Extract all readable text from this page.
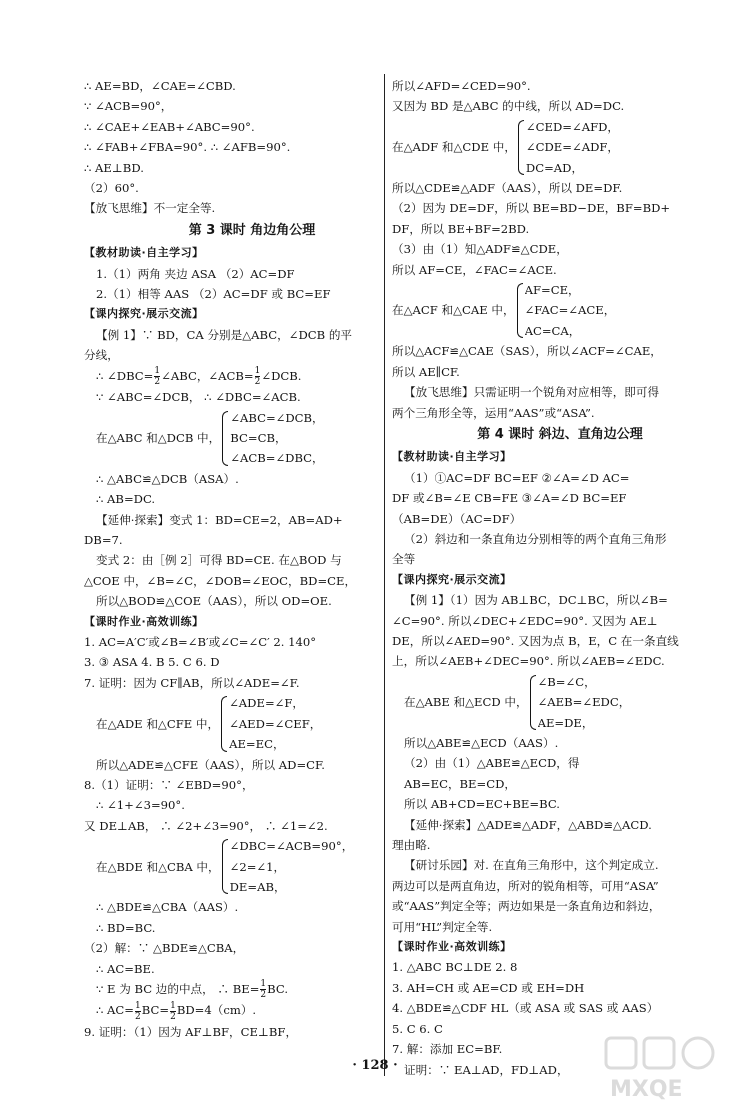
∴ AE=BD，∠CAE=∠CBD.
∵ ∠ACB=90°，
∴ ∠CAE+∠EAB+∠ABC=90°.
∴ ∠FAB+∠FBA=90°. ∴ ∠AFB=90°.
∴ AE⊥BD.
（2）60°.
【放飞思维】不一定全等.
第 3 课时 角边角公理
【教材助读·自主学习】
1.（1）两角 夹边 ASA （2）AC=DF
2.（1）相等 AAS （2）AC=DF 或 BC=EF
【课内探究·展示交流】
【例 1】∵ BD，CA 分别是△ABC，∠DCB 的平
分线，
∴ ∠DBC= $\frac{1}{2}$ ∠ABC，∠ACB= $\frac{1}{2}$ ∠DCB.
∵ ∠ABC=∠DCB， ∴ ∠DBC=∠ACB.
在△ABC 和△DCB 中，
∠ABC=∠DCB，
BC=CB，
∠ACB=∠DBC，
∴ △ABC≌△DCB（ASA）.
∴ AB=DC.
【延伸·探索】变式 1：BD=CE=2，AB=AD+
DB=7.
变式 2：由［例 2］可得 BD=CE. 在△BOD 与
△COE 中，∠B=∠C，∠DOB=∠EOC，BD=CE，
所以△BOD≌△COE（AAS），所以 OD=OE.
【课时作业·高效训练】
1. AC=A′C′或∠B=∠B′或∠C=∠C′ 2. 140°
3. ③ ASA 4. B 5. C 6. D
7. 证明：因为 CF∥AB，所以∠ADE=∠F.
在△ADE 和△CFE 中，
∠ADE=∠F，
∠AED=∠CEF，
AE=EC，
所以△ADE≌△CFE（AAS），所以 AD=CF.
8.（1）证明：∵ ∠EBD=90°，
∴ ∠1+∠3=90°.
又 DE⊥AB， ∴ ∠2+∠3=90°， ∴ ∠1=∠2.
在△BDE 和△CBA 中，
∠DBC=∠ACB=90°，
∠2=∠1，
DE=AB，
∴ △BDE≌△CBA（AAS）.
∴ BD=BC.
（2）解：∵ △BDE≌△CBA，
∴ AC=BE.
∵ E 为 BC 边的中点， ∴ $BE= \frac{1}{2}$ BC.
∴ $AC= \frac{1}{2} BC= \frac{1}{2} BD=4(cm)$.
9. 证明：（1）因为 AF⊥BF，CE⊥BF，
所以∠AFD=∠CED=90°.
又因为 BD 是△ABC 的中线，所以 AD=DC.
在△ADF 和△CDE 中，
∠CED=∠AFD，
∠CDE=∠ADF，
DC=AD，
所以△CDE≌△ADF（AAS），所以 DE=DF.
（2）因为 DE=DF，所以 BE=BD−DE，BF=BD+
DF，所以 BE+BF=2BD.
（3）由（1）知△ADF≌△CDE，
所以 AF=CE，∠FAC=∠ACE.
在△ACF 和△CAE 中，
AF=CE，
∠FAC=∠ACE，
AC=CA，
所以△ACF≌△CAE（SAS），所以∠ACF=∠CAE，
所以 AE∥CF.
【放飞思维】只需证明一个锐角对应相等，即可得
两个三角形全等，运用“AAS”或“ASA”.
第 4 课时 斜边、直角边公理
【教材助读·自主学习】
（1）①AC=DF BC=EF ②∠A=∠D AC=
DF 或∠B=∠E CB=FE ③∠A=∠D BC=EF
（AB=DE）（AC=DF）
（2）斜边和一条直角边分别相等的两个直角三角形
全等
【课内探究·展示交流】
【例 1】（1）因为 AB⊥BC，DC⊥BC，所以∠B=
∠C=90°. 所以∠DEC+∠EDC=90°. 又因为 AE⊥
DE，所以∠AED=90°. 又因为点 B，E，C 在一条直线
上，所以∠AEB+∠DEC=90°. 所以∠AEB=∠EDC.
在△ABE 和△ECD 中，
∠B=∠C，
∠AEB=∠EDC，
AE=DE，
所以△ABE≌△ECD（AAS）.
（2）由（1）△ABE≌△ECD，得
AB=EC，BE=CD，
所以 AB+CD=EC+BE=BC.
【延伸·探索】△ADE≌△ADF，△ABD≌△ACD.
理由略.
【研讨乐园】对. 在直角三角形中，这个判定成立.
两边可以是两直角边，所对的锐角相等，可用“ASA”
或“AAS”判定全等；两边如果是一条直角边和斜边，
可用“HL”判定全等.
【课时作业·高效训练】
1. △ABC BC⊥DE 2. 8
3. AH=CH 或 AE=CD 或 EH=DH
4. △BDE≌△CDF HL（或 ASA 或 SAS 或 AAS）
5. C 6. C
7. 解：添加 EC=BF.
证明：∵ EA⊥AD，FD⊥AD，
· 128 ·
MXQE
